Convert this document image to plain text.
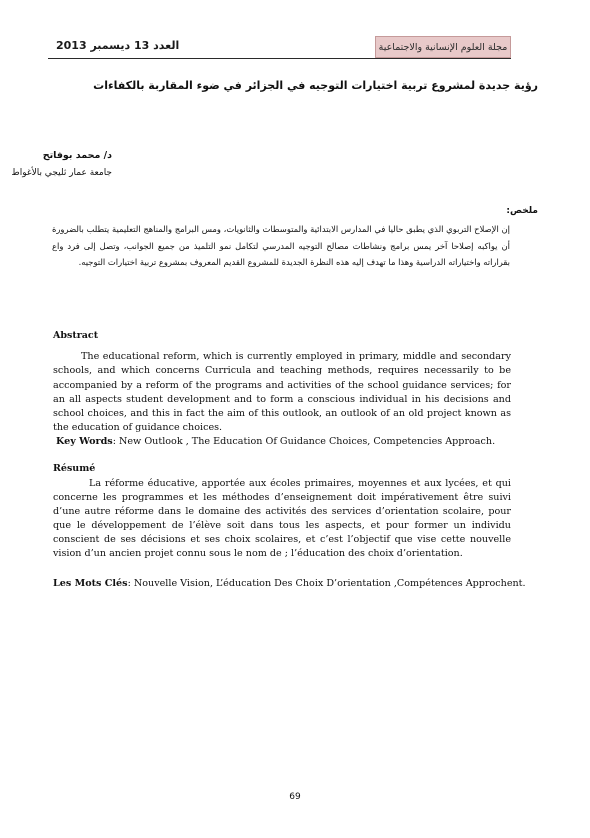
العدد 13 ديسمبر 2013	مجلة العلوم الإنسانية والاجتماعية
رؤية جديدة لمشروع تربية اختيارات التوجيه في الجزائر في ضوء المقاربة بالكفاءات
د/ محمد بوفاتح
جامعة عمار ثليجي بالأغواط
ملخص:

إن الإصلاح التربوي الذي يطبق حاليا في المدارس الابتدائية والمتوسطات والثانويات، ومس البرامج والمناهج التعليمية يتطلب بالضرورة أن يواكبه إصلاحا آخر يمس برامج ونشاطات مصالح التوجيه المدرسي لتكامل نمو التلميذ من جميع الجوانب، وتصل إلى فرد واع بقراراته واختياراته الدراسية وهذا ما تهدف إليه هذه النظرة الجديدة للمشروع القديم المعروف بمشروع تربية اختيارات التوجيه.

Abstract

The educational reform, which is currently employed in primary, middle and secondary schools, and which concerns Curricula and teaching methods, requires necessarily to be accompanied by a reform of the programs and activities of the school guidance services; for an all aspects student development and to form a conscious individual in his decisions and school choices, and this in fact the aim of this outlook, an outlook of an old project known as the education of guidance choices.

Key Words: New Outlook , The Education Of Guidance Choices, Competencies Approach.
Résumé

La réforme éducative, apportée aux écoles primaires, moyennes et aux lycées, et qui concerne les programmes et les méthodes d’enseignement doit impérativement être suivi d’une autre réforme dans le domaine des activités des services d’orientation scolaire, pour que le développement de l’élève soit dans tous les aspects, et pour former un individu conscient de ses décisions et ses choix scolaires, et c’est l’objectif que vise cette nouvelle vision d’un ancien projet connu sous le nom de ; l’éducation des choix d’orientation.

Les Mots Clés: Nouvelle Vision, L’éducation Des Choix D’orientation ,Compétences Approchent.
69
